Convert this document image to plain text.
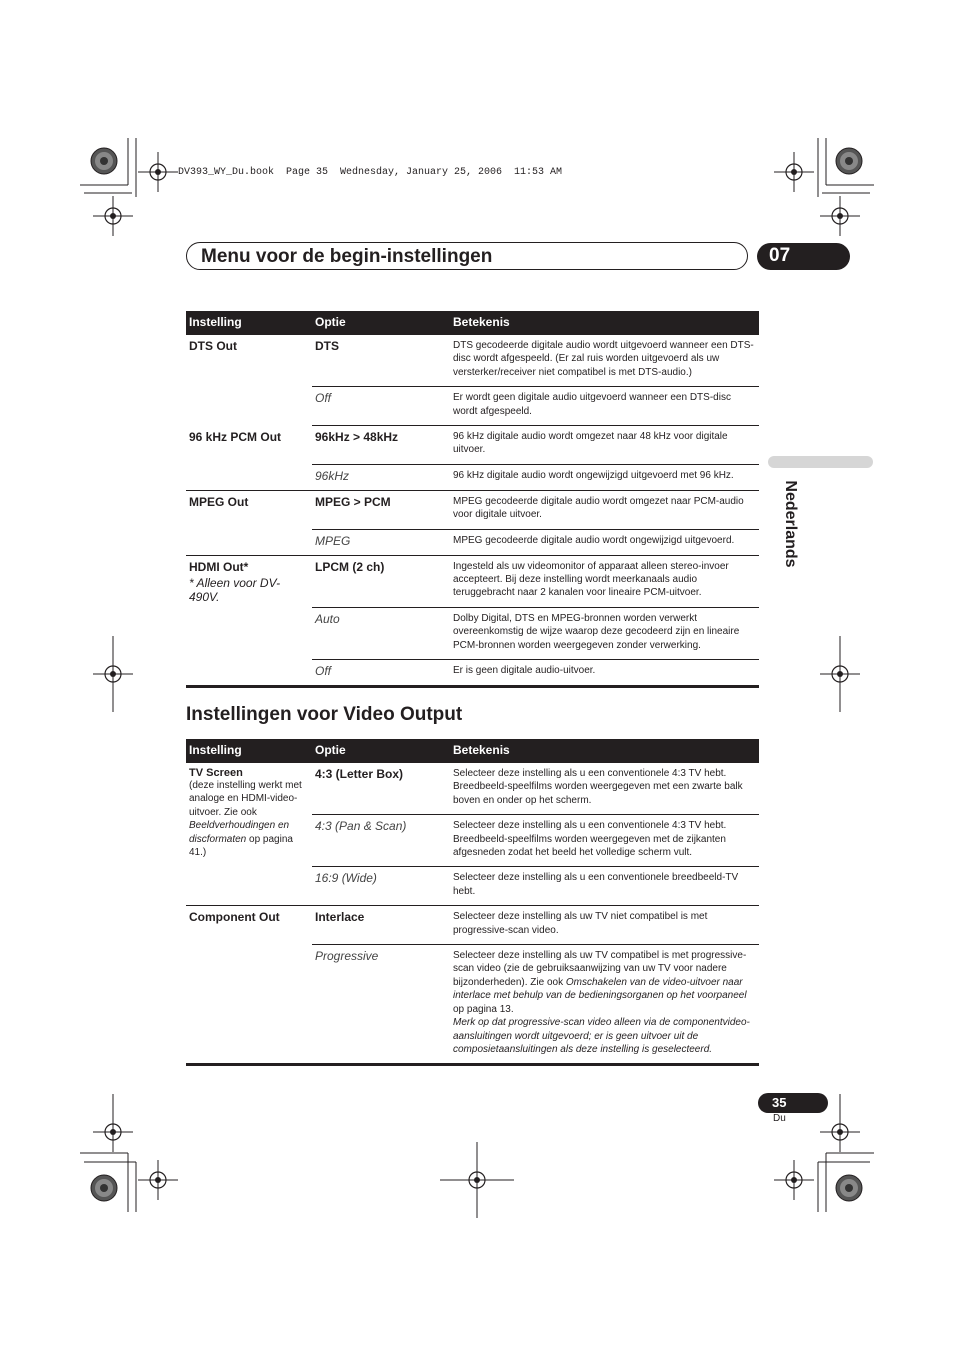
DV393_WY_Du.book  Page 35  Wednesday, January 25, 2006  11:53 AM
Menu voor de begin-instellingen	07
Nederlands
Instelling	Optie	Betekenis
DTS Out	DTS	DTS gecodeerde digitale audio wordt uitgevoerd wanneer een DTS-disc wordt afgespeeld. (Er zal ruis worden uitgevoerd als uw versterker/receiver niet compatibel is met DTS-audio.)
	Off	Er wordt geen digitale audio uitgevoerd wanneer een DTS-disc wordt afgespeeld.
96 kHz PCM Out	96kHz > 48kHz	96 kHz digitale audio wordt omgezet naar 48 kHz voor digitale uitvoer.
	96kHz	96 kHz digitale audio wordt ongewijzigd uitgevoerd met 96 kHz.
MPEG Out	MPEG > PCM	MPEG gecodeerde digitale audio wordt omgezet naar PCM-audio voor digitale uitvoer.
	MPEG	MPEG gecodeerde digitale audio wordt ongewijzigd uitgevoerd.
HDMI Out*
* Alleen voor DV-490V.	LPCM (2 ch)	Ingesteld als uw videomonitor of apparaat alleen stereo-invoer accepteert. Bij deze instelling wordt meerkanaals audio teruggebracht naar 2 kanalen voor lineaire PCM-uitvoer.
	Auto	Dolby Digital, DTS en MPEG-bronnen worden verwerkt overeenkomstig de wijze waarop deze gecodeerd zijn en lineaire PCM-bronnen worden weergegeven zonder verwerking.
	Off	Er is geen digitale audio-uitvoer.
Instellingen voor Video Output
Instelling	Optie	Betekenis
TV Screen
(deze instelling werkt met analoge en HDMI-video-uitvoer. Zie ook Beeldverhoudingen en discformaten op pagina 41.)	4:3 (Letter Box)	Selecteer deze instelling als u een conventionele 4:3 TV hebt. Breedbeeld-speelfilms worden weergegeven met een zwarte balk boven en onder op het scherm.
	4:3 (Pan & Scan)	Selecteer deze instelling als u een conventionele 4:3 TV hebt. Breedbeeld-speelfilms worden weergegeven met de zijkanten afgesneden zodat het beeld het volledige scherm vult.
	16:9 (Wide)	Selecteer deze instelling als u een conventionele breedbeeld-TV hebt.
Component Out	Interlace	Selecteer deze instelling als uw TV niet compatibel is met progressive-scan video.
	Progressive	Selecteer deze instelling als uw TV compatibel is met progressive-scan video (zie de gebruiksaanwijzing van uw TV voor nadere bijzonderheden). Zie ook Omschakelen van de video-uitvoer naar interlace met behulp van de bedieningsorganen op het voorpaneel op pagina 13.
Merk op dat progressive-scan video alleen via de componentvideo-aansluitingen wordt uitgevoerd; er is geen uitvoer uit de composietaansluitingen als deze instelling is geselecteerd.
35
Du
